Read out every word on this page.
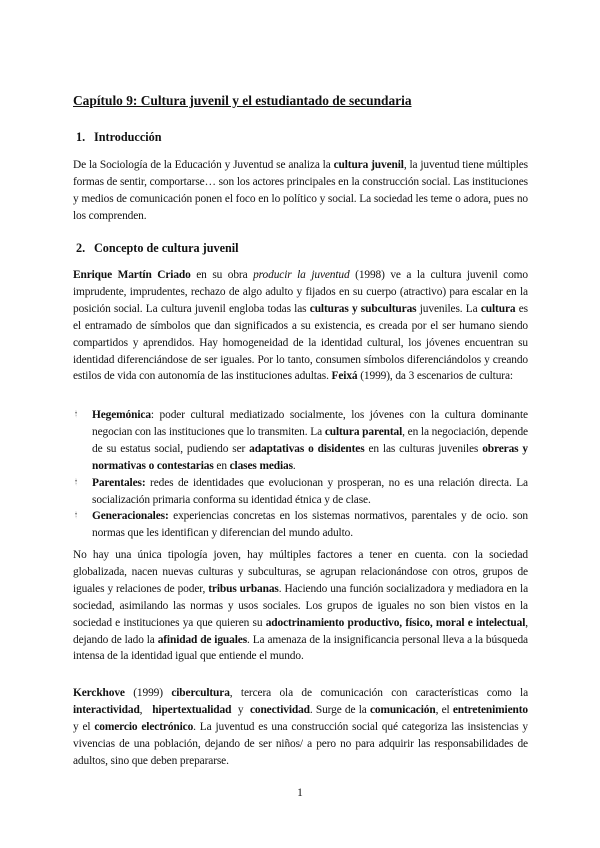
Capítulo 9: Cultura juvenil y el estudiantado de secundaria
1. Introducción
De la Sociología de la Educación y Juventud se analiza la cultura juvenil, la juventud tiene múltiples formas de sentir, comportarse… son los actores principales en la construcción social. Las instituciones y medios de comunicación ponen el foco en lo político y social. La sociedad les teme o adora, pues no los comprenden.
2. Concepto de cultura juvenil
Enrique Martín Criado en su obra producir la juventud (1998) ve a la cultura juvenil como imprudente, imprudentes, rechazo de algo adulto y fijados en su cuerpo (atractivo) para escalar en la posición social. La cultura juvenil engloba todas las culturas y subculturas juveniles. La cultura es el entramado de símbolos que dan significados a su existencia, es creada por el ser humano siendo compartidos y aprendidos. Hay homogeneidad de la identidad cultural, los jóvenes encuentran su identidad diferenciándose de ser iguales. Por lo tanto, consumen símbolos diferenciándolos y creando estilos de vida con autonomía de las instituciones adultas. Feixá (1999), da 3 escenarios de cultura:
🙯 Hegemónica: poder cultural mediatizado socialmente, los jóvenes con la cultura dominante negocian con las instituciones que lo transmiten. La cultura parental, en la negociación, depende de su estatus social, pudiendo ser adaptativas o disidentes en las culturas juveniles obreras y normativas o contestarias en clases medias.
🙯 Parentales: redes de identidades que evolucionan y prosperan, no es una relación directa. La socialización primaria conforma su identidad étnica y de clase.
🙯 Generacionales: experiencias concretas en los sistemas normativos, parentales y de ocio. son normas que les identifican y diferencian del mundo adulto.
No hay una única tipología joven, hay múltiples factores a tener en cuenta. con la sociedad globalizada, nacen nuevas culturas y subculturas, se agrupan relacionándose con otros, grupos de iguales y relaciones de poder, tribus urbanas. Haciendo una función socializadora y mediadora en la sociedad, asimilando las normas y usos sociales. Los grupos de iguales no son bien vistos en la sociedad e instituciones ya que quieren su adoctrinamiento productivo, físico, moral e intelectual, dejando de lado la afinidad de iguales. La amenaza de la insignificancia personal lleva a la búsqueda intensa de la identidad igual que entiende el mundo.
Kerckhove (1999) cibercultura, tercera ola de comunicación con características como la interactividad,   hipertextualidad  y  conectividad. Surge de la comunicación, el entretenimiento y el comercio electrónico. La juventud es una construcción social qué categoriza las insistencias y vivencias de una población, dejando de ser niños/ a pero no para adquirir las responsabilidades de adultos, sino que deben prepararse.
1
